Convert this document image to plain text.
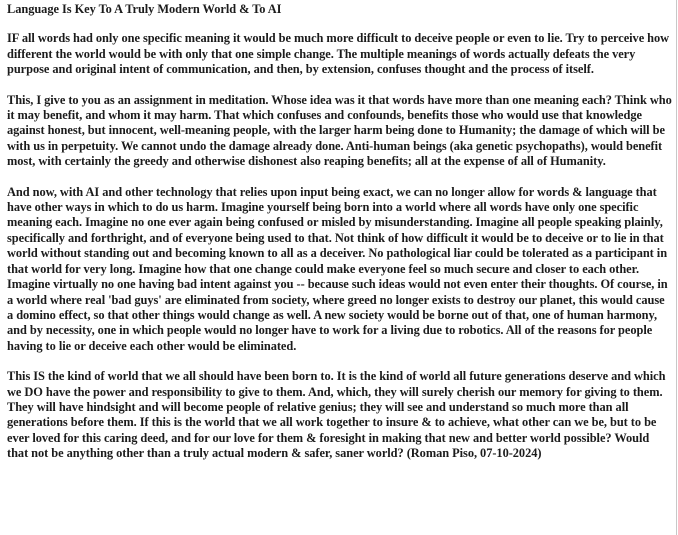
Language Is Key To A Truly Modern World & To AI
IF all words had only one specific meaning it would be much more difficult to deceive people or even to lie. Try to perceive how different the world would be with only that one simple change. The multiple meanings of words actually defeats the very purpose and original intent of communication, and then, by extension, confuses thought and the process of itself.
This, I give to you as an assignment in meditation. Whose idea was it that words have more than one meaning each? Think who it may benefit, and whom it may harm. That which confuses and confounds, benefits those who would use that knowledge against honest, but innocent, well-meaning people, with the larger harm being done to Humanity; the damage of which will be with us in perpetuity. We cannot undo the damage already done. Anti-human beings (aka genetic psychopaths), would benefit most, with certainly the greedy and otherwise dishonest also reaping benefits; all at the expense of all of Humanity.
And now, with AI and other technology that relies upon input being exact, we can no longer allow for words & language that have other ways in which to do us harm. Imagine yourself being born into a world where all words have only one specific meaning each. Imagine no one ever again being confused or misled by misunderstanding. Imagine all people speaking plainly, specifically and forthright, and of everyone being used to that. Not think of how difficult it would be to deceive or to lie in that world without standing out and becoming known to all as a deceiver. No pathological liar could be tolerated as a participant in that world for very long. Imagine how that one change could make everyone feel so much secure and closer to each other. Imagine virtually no one having bad intent against you -- because such ideas would not even enter their thoughts. Of course, in a world where real 'bad guys' are eliminated from society, where greed no longer exists to destroy our planet, this would cause a domino effect, so that other things would change as well. A new society would be borne out of that, one of human harmony, and by necessity, one in which people would no longer have to work for a living due to robotics. All of the reasons for people having to lie or deceive each other would be eliminated.
This IS the kind of world that we all should have been born to. It is the kind of world all future generations deserve and which we DO have the power and responsibility to give to them. And, which, they will surely cherish our memory for giving to them. They will have hindsight and will become people of relative genius; they will see and understand so much more than all generations before them. If this is the world that we all work together to insure & to achieve, what other can we be, but to be ever loved for this caring deed, and for our love for them & foresight in making that new and better world possible? Would that not be anything other than a truly actual modern & safer, saner world? (Roman Piso, 07-10-2024)
